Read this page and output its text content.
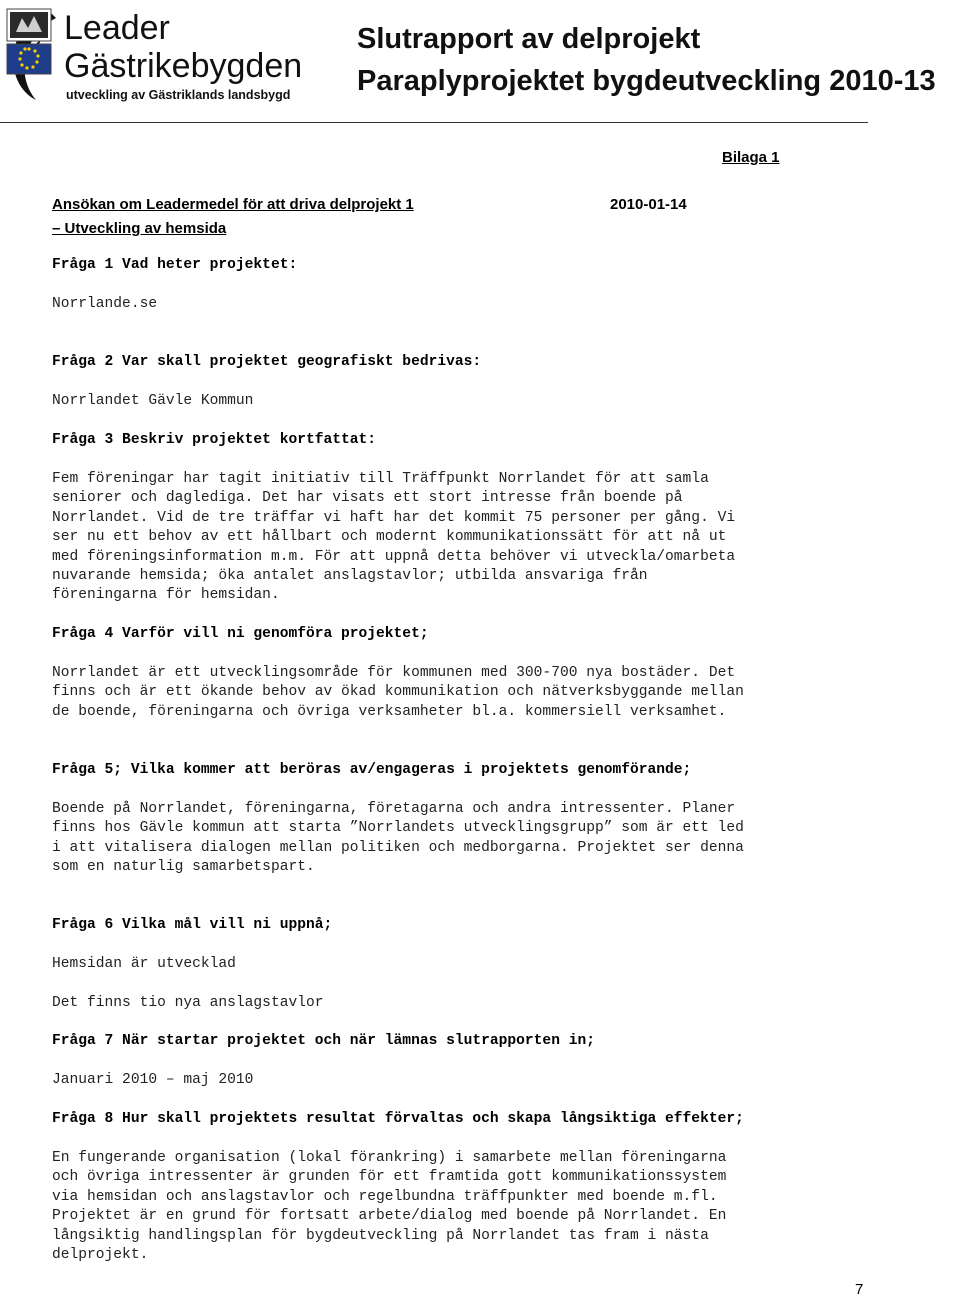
Leader
Gästrikebygden
utveckling av Gästriklands landsbygd
Slutrapport av delprojekt
Paraplyprojektet bygdeutveckling 2010-13
Bilaga 1
Ansökan om Leadermedel för att driva delprojekt 1	2010-01-14
– Utveckling av hemsida
Fråga 1 Vad heter projektet:
Norrlande.se
Fråga 2 Var skall projektet geografiskt bedrivas:
Norrlandet Gävle Kommun
Fråga 3 Beskriv projektet kortfattat:
Fem föreningar har tagit initiativ till Träffpunkt Norrlandet för att samla
seniorer och daglediga. Det har visats ett stort intresse från boende på
Norrlandet. Vid de tre träffar vi haft har det kommit 75 personer per gång. Vi
ser nu ett behov av ett hållbart och modernt kommunikationssätt för att nå ut
med föreningsinformation m.m. För att uppnå detta behöver vi utveckla/omarbeta
nuvarande hemsida; öka antalet anslagstavlor; utbilda ansvariga från
föreningarna för hemsidan.
Fråga 4 Varför vill ni genomföra projektet;
Norrlandet är ett utvecklingsområde för kommunen med 300-700 nya bostäder. Det
finns och är ett ökande behov av ökad kommunikation och nätverksbyggande mellan
de boende, föreningarna och övriga verksamheter bl.a. kommersiell verksamhet.
Fråga 5; Vilka kommer att beröras av/engageras i projektets genomförande;
Boende på Norrlandet, föreningarna, företagarna och andra intressenter. Planer
finns hos Gävle kommun att starta ”Norrlandets utvecklingsgrupp” som är ett led
i att vitalisera dialogen mellan politiken och medborgarna. Projektet ser denna
som en naturlig samarbetspart.
Fråga 6 Vilka mål vill ni uppnå;
Hemsidan är utvecklad
Det finns tio nya anslagstavlor
Fråga 7 När startar projektet och när lämnas slutrapporten in;
Januari 2010 – maj 2010
Fråga 8 Hur skall projektets resultat förvaltas och skapa långsiktiga effekter;
En fungerande organisation (lokal förankring) i samarbete mellan föreningarna
och övriga intressenter är grunden för ett framtida gott kommunikationssystem
via hemsidan och anslagstavlor och regelbundna träffpunkter med boende m.fl.
Projektet är en grund för fortsatt arbete/dialog med boende på Norrlandet. En
långsiktig handlingsplan för bygdeutveckling på Norrlandet tas fram i nästa
delprojekt.
7
